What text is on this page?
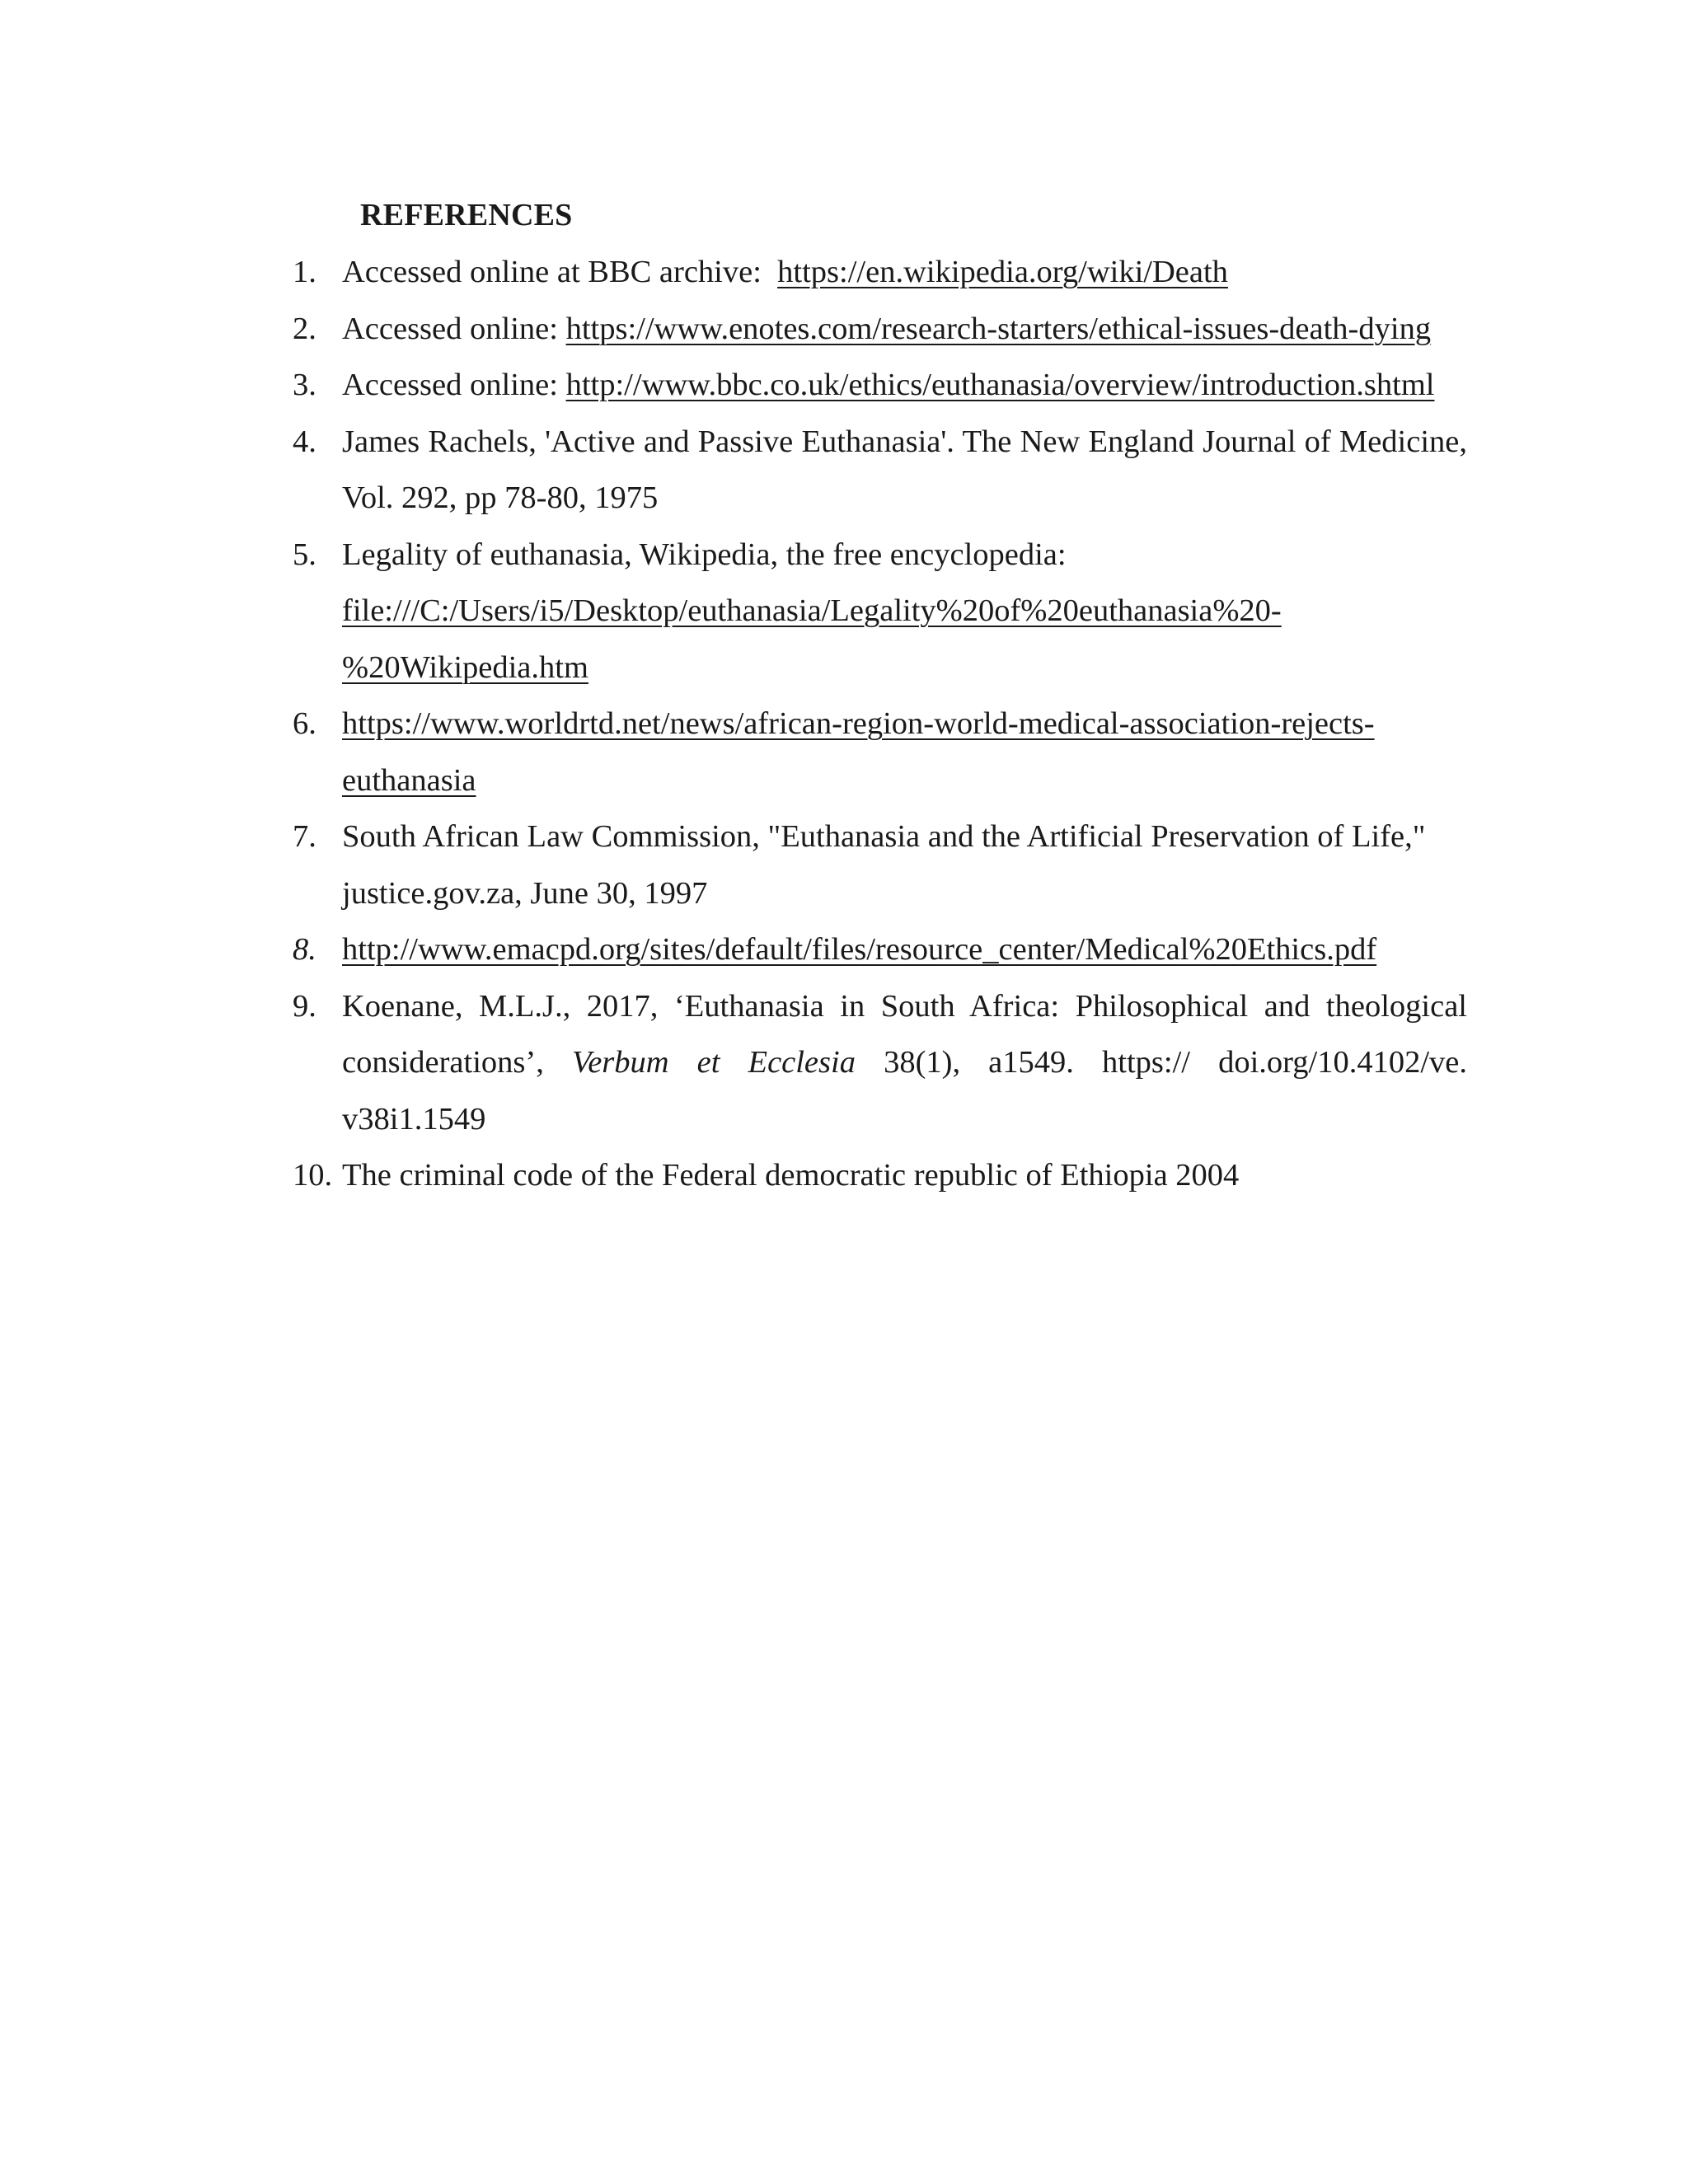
REFERENCES
1. Accessed online at BBC archive:  https://en.wikipedia.org/wiki/Death
2. Accessed online: https://www.enotes.com/research-starters/ethical-issues-death-dying
3. Accessed online: http://www.bbc.co.uk/ethics/euthanasia/overview/introduction.shtml
4. James Rachels, 'Active and Passive Euthanasia'. The New England Journal of Medicine, Vol. 292, pp 78-80, 1975
5. Legality of euthanasia, Wikipedia, the free encyclopedia:
file:///C:/Users/i5/Desktop/euthanasia/Legality%20of%20euthanasia%20-
%20Wikipedia.htm
6. https://www.worldrtd.net/news/african-region-world-medical-association-rejects-
euthanasia
7. South African Law Commission, "Euthanasia and the Artificial Preservation of Life," justice.gov.za, June 30, 1997
8. http://www.emacpd.org/sites/default/files/resource_center/Medical%20Ethics.pdf
9. Koenane, M.L.J., 2017, ‘Euthanasia in South Africa: Philosophical and theological considerations’, Verbum et Ecclesia 38(1), a1549. https:// doi.org/10.4102/ve. v38i1.1549
10. The criminal code of the Federal democratic republic of Ethiopia 2004
